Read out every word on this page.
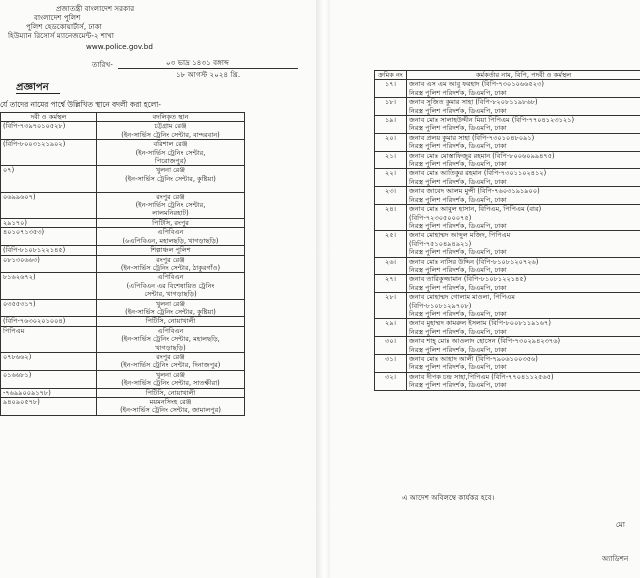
প্রজাতন্ত্রী বাংলাদেশ সরকার
বাংলাদেশ পুলিশ
পুলিশ হেডকোয়ার্টার্স, ঢাকা
হিউম্যান রিসোর্স ম্যানেজমেন্ট-২ শাখা
www.police.gov.bd
তারিখ-	০৩ ভাদ্র ১৪৩১ বঙ্গাব্দ
১৮ আগস্ট ২০২৪ খ্রি.
প্রজ্ঞাপন
র্যে তাদের নামের পার্শ্বে উল্লিখিত স্থানে বদলী করা হলো-
দবী ও কর্মস্থল	বদলিকৃত স্থান

(বিপি-৭৩৯৭০১০৫২৮)	চট্টগ্রাম রেঞ্জ
(ইন-সার্ভিস ট্রেনিং সেন্টার, বান্দরবান)

(বিপি-৮০০৩১২১৯০২)	বরিশাল রেঞ্জ
(ইন-সার্ভিস ট্রেনিং সেন্টার,
পিরোজপুর)

০৭)	খুলনা রেঞ্জ
(ইন-সার্ভিস ট্রেনিং সেন্টার, কুষ্টিয়া)

০৬৯৯৬০৭)	রংপুর রেঞ্জ
(ইন-সার্ভিস ট্রেনিং সেন্টার,
লালমনিরহাট)

২৯১৭০)	পিটিসি, রংপুর

৪০১০৭১৩৫৩)	এপিবিএন
(৬এপিবিএন, মহালছড়ি, খাগড়াছড়ি)

(বিপি-৮১০৮১২২১৪৫)	শিল্পাঞ্চল পুলিশ

০৮১৩০৬৬৩)	রংপুর রেঞ্জ
(ইন-সার্ভিস ট্রেনিং সেন্টার, ঠাকুরগাঁও)

৮১৬২৬৭২)	এপিবিএন
(এপিবিএন এর বিশেষায়িত ট্রেনিং
সেন্টার, খাগড়াছড়ি)

০৩৫৫৩১৭)	খুলনা রেঞ্জ
(ইন-সার্ভিস ট্রেনিং সেন্টার, কুষ্টিয়া)

(বিপি-৭৬৩০২০১০০৪)	পিটিসি, নোয়াখালী

পিপিএম	এপিবিএন
(ইন-সার্ভিস ট্রেনিং সেন্টার, মহালছড়ি,
খাগড়াছড়ি)

০৭৮৬৬২)	রংপুর রেঞ্জ
(ইন-সার্ভিস ট্রেনিং সেন্টার, দিনাজপুর)

০১৬৬৮১)	খুলনা রেঞ্জ
(ইন-সার্ভিস ট্রেনিং সেন্টার, সাতক্ষীরা)

-৭৬৯৯০০৯১৭৮)	পিটিসি, নোয়াখালী

৯৪০৯০৫৭৮)	ময়মনসিংহ রেঞ্জ
(ইন-সার্ভিস ট্রেনিং সেন্টার, জামালপুর)
ক্রমিক নং	কর্মকর্তার নাম, বিপি, পদবী ও কর্মস্থল
১৭।	জনাব এস এম আবু ফরহাদ (বিপি-৭৩০১০৬৬৫২৩)
নিরস্ত্র পুলিশ পরিদর্শক, ডিএমপি, ঢাকা

১৮।	জনাব সুজিত কুমার সাহা (বিপি-৮২০৮১১৯৮৬৮)
নিরস্ত্র পুলিশ পরিদর্শক, ডিএমপি, ঢাকা

১৯।	জনাব মোঃ সালাহউদ্দীন মিয়া পিপিএম (বিপি-৭৭০৪১২৩১২১)
নিরস্ত্র পুলিশ পরিদর্শক, ডিএমপি, ঢাকা

২০।	জনাব প্রলয় কুমার সাহা (বিপি-৭৩০১০৪৮০৯১)
নিরস্ত্র পুলিশ পরিদর্শক, ডিএমপি, ঢাকা

২১।	জনাব মোঃ মোস্তাফিজুর রহমান (বিপি-৮০০৬০৯৯৪৭৫)
নিরস্ত্র পুলিশ পরিদর্শক, ডিএমপি, ঢাকা

২২।	জনাব মোঃ আতিকুর রহমান (বিপি-৭৩০১১০২৪১২)
নিরস্ত্র পুলিশ পরিদর্শক, ডিএমপি, ঢাকা

২৩।	জনাব জাবেদ আলম মুন্সী (বিপি-৭৬০৩১৯১৯০০)
নিরস্ত্র পুলিশ পরিদর্শক, ডিএমপি, ঢাকা

২৪।	জনাব মোঃ আবুল হাসান, বিপিএম, পিপিএম (বার)
(বিপি-৭২৩০৫০০০৭৫)
নিরস্ত্র পুলিশ পরিদর্শক, ডিএমপি, ঢাকা

২৫।	জনাব মোহাম্মদ আব্দুল মজিদ, পিপিএম
(বিপি-৭৫১০৪৯৪৯২১)
নিরস্ত্র পুলিশ পরিদর্শক, ডিএমপি, ঢাকা

২৬।	জনাব মোঃ নাসির উদ্দিন (বিপি-৮১০৮১২০৭২৬)
নিরস্ত্র পুলিশ পরিদর্শক, ডিএমপি, ঢাকা

২৭।	জনাব তারিকুজ্জামান (বিপি-৮১০৮১২২১৪৫)
নিরস্ত্র পুলিশ পরিদর্শক, ডিএমপি, ঢাকা

২৮।	জনাব মোহাম্মদ গোলাম মাওলা, পিপিএম
(বিপি-৮১০৮১২৯৭০৮)
নিরস্ত্র পুলিশ পরিদর্শক, ডিএমপি, ঢাকা

২৯।	জনাব মুহাম্মদ কামরুল ইসলাম (বিপি-৮০০৮১১৯১৬৭)
নিরস্ত্র পুলিশ পরিদর্শক, ডিএমপি, ঢাকা

৩০।	জনাব শাহ্ মোঃ আওলাদ হোসেন (বিপি-৭৩০২৯৪২৩৭৬)
নিরস্ত্র পুলিশ পরিদর্শক, ডিএমপি, ঢাকা

৩১।	জনাব মোঃ আহাদ আলী (বিপি-৭৯০৬১০০৩৫৬)
নিরস্ত্র পুলিশ পরিদর্শক, ডিএমপি, ঢাকা

৩২।	জনাব দীপক চন্দ্র সাহা,পিপিএম (বিপি-৭৭০৪১১২৫৬৫)
নিরস্ত্র পুলিশ পরিদর্শক, ডিএমপি, ঢাকা
এ আদেশ অবিলম্বে কার্যকর হবে।
মো
অ্যাডিশন
